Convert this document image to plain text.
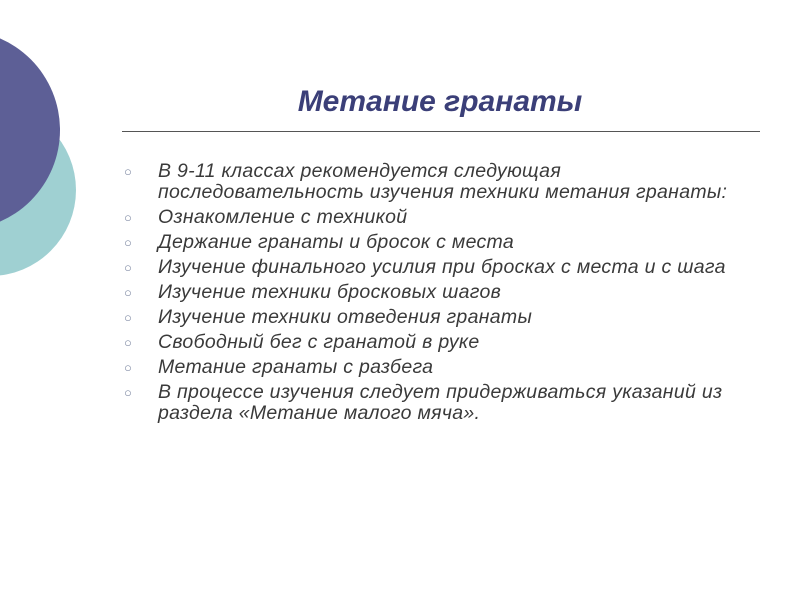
Метание гранаты
○ В 9-11 классах рекомендуется следующая последовательность изучения техники метания гранаты:
○ Ознакомление с техникой
○ Держание гранаты и бросок с места
○ Изучение финального усилия при бросках с места и с шага
○ Изучение техники бросковых шагов
○ Изучение техники отведения гранаты
○ Свободный бег с гранатой в руке
○ Метание гранаты с разбега
○ В процессе изучения следует придерживаться указаний из раздела «Метание малого мяча».
